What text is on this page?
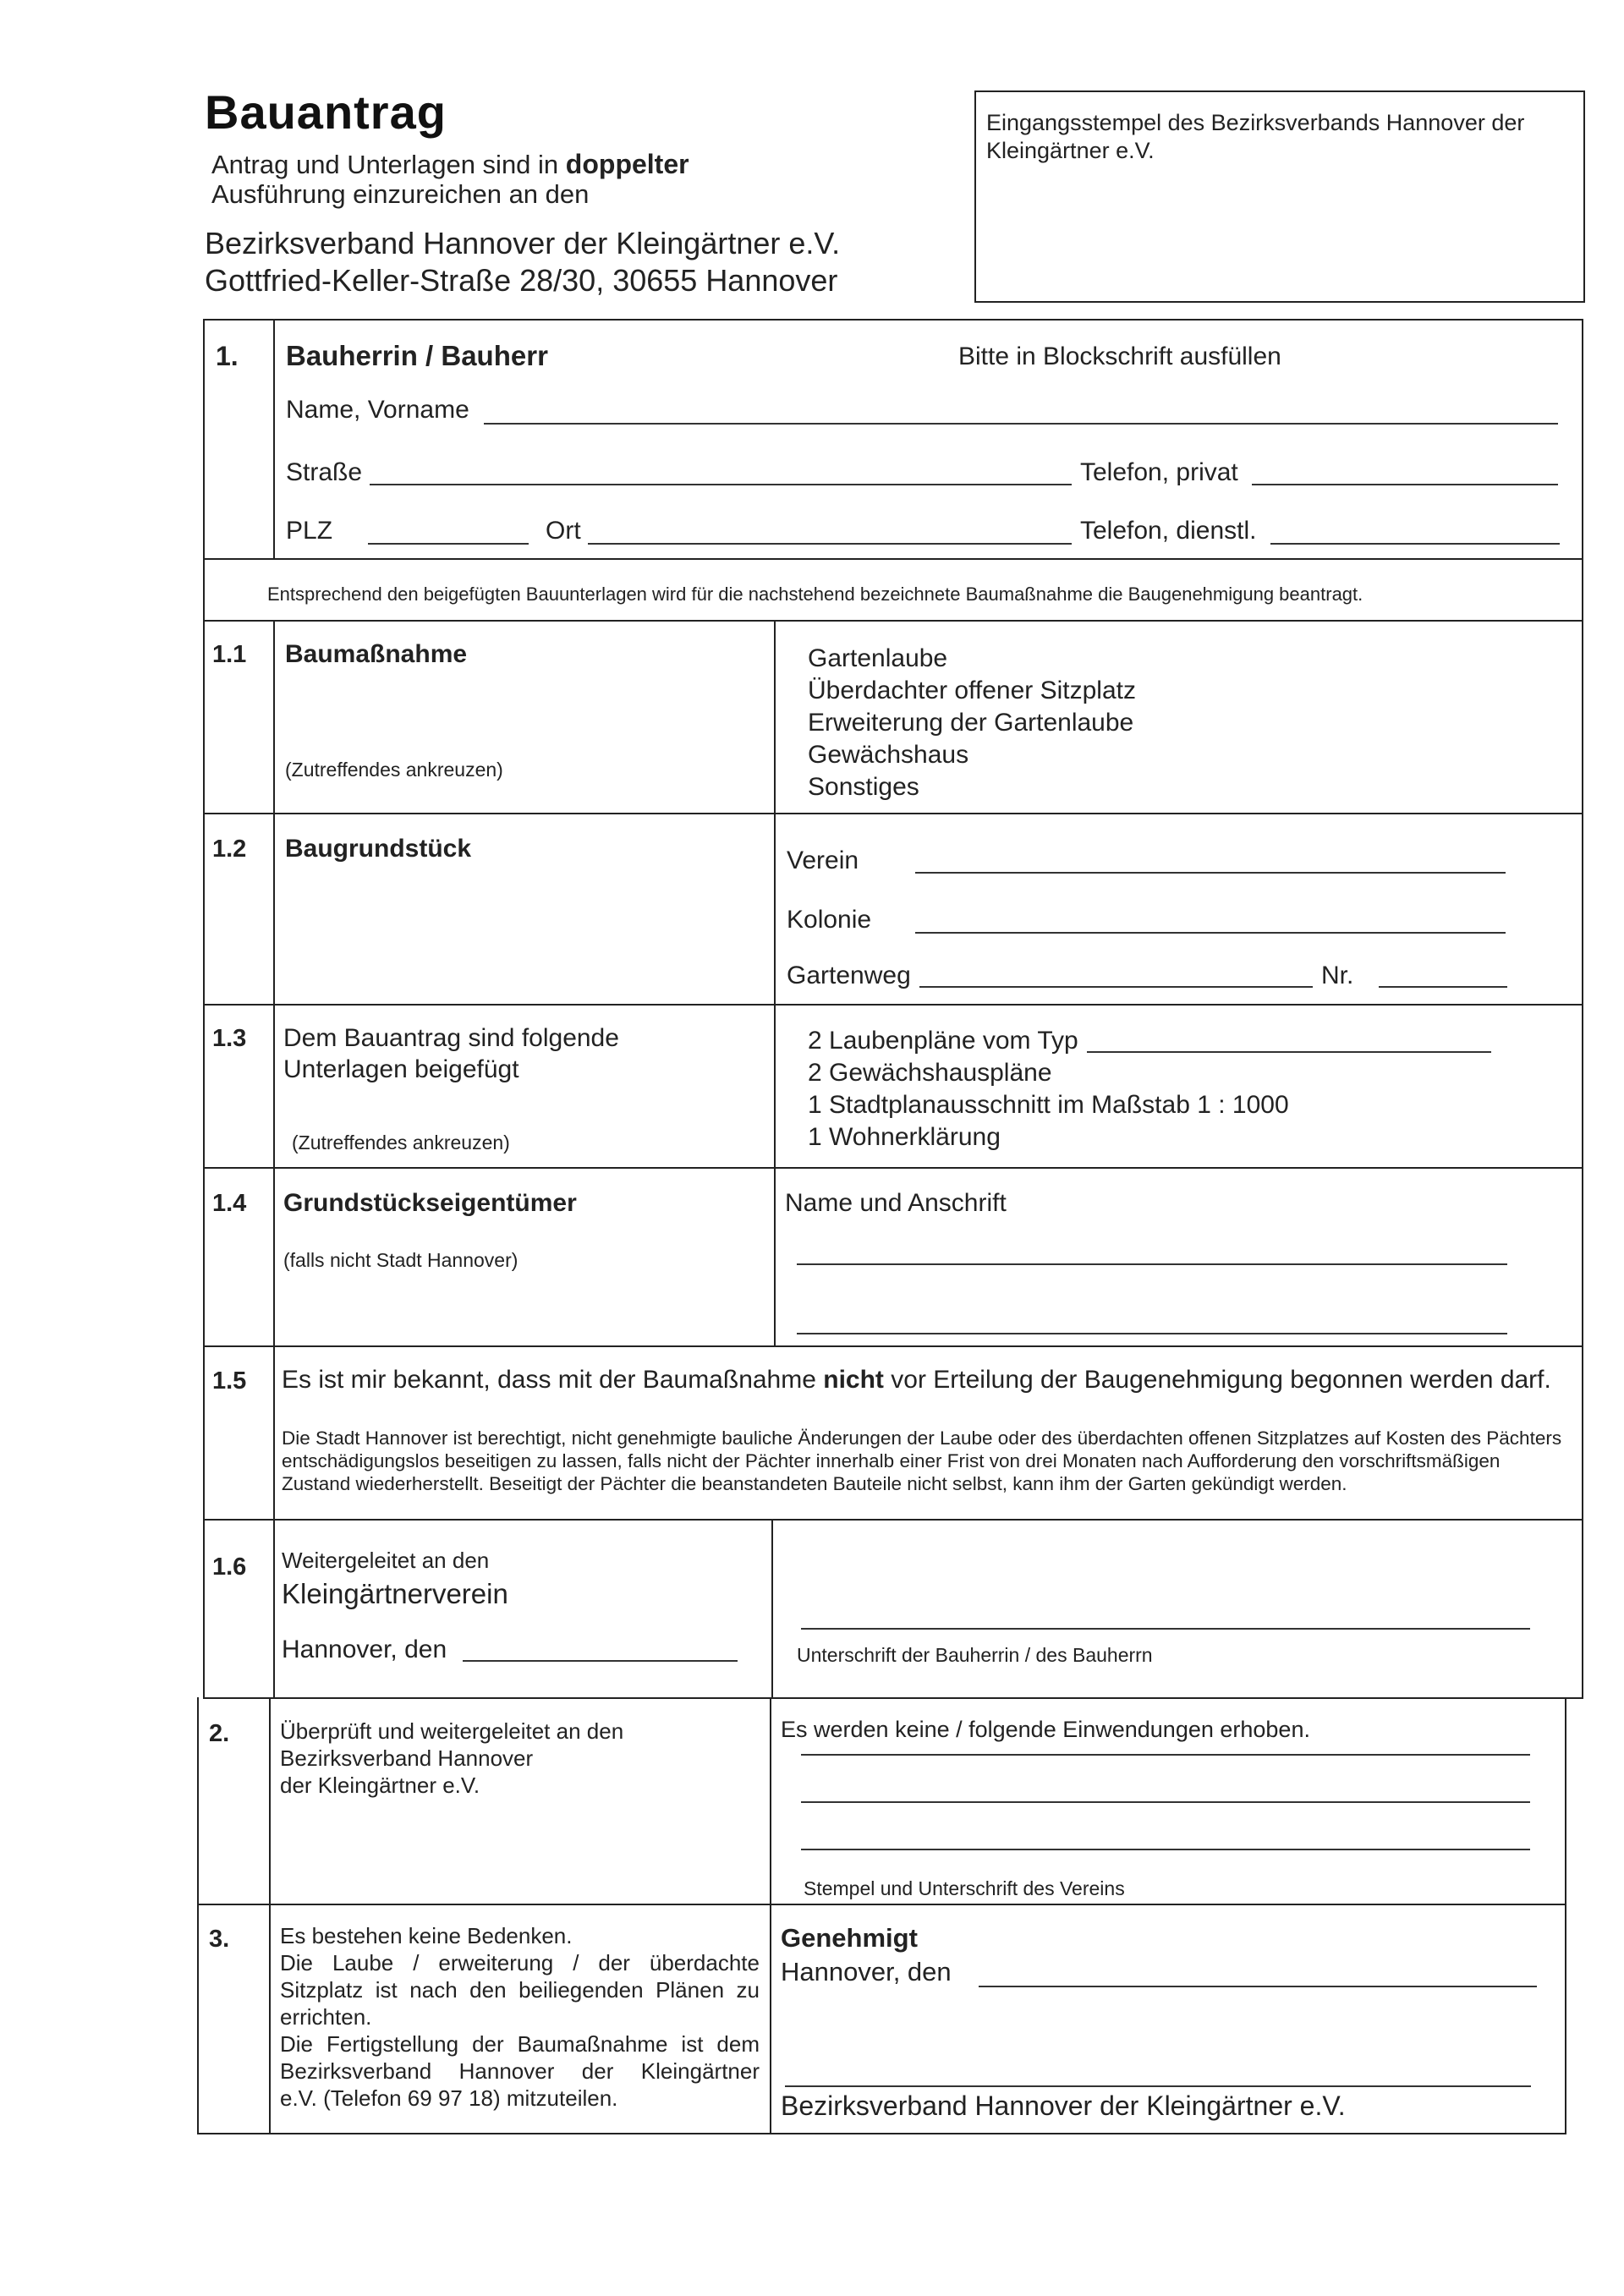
Bauantrag
Antrag und Unterlagen sind in doppelter
Ausführung einzureichen an den
Bezirksverband Hannover der Kleingärtner e.V.
Gottfried-Keller-Straße 28/30, 30655 Hannover
Eingangsstempel des Bezirksverbands Hannover der Kleingärtner e.V.
1. Bauherrin / Bauherr	Bitte in Blockschrift ausfüllen
Name, Vorname
Straße	Telefon, privat
PLZ	Ort	Telefon, dienstl.
Entsprechend den beigefügten Bauunterlagen wird für die nachstehend bezeichnete Baumaßnahme die Baugenehmigung beantragt.
1.1 Baumaßnahme
(Zutreffendes ankreuzen)
Gartenlaube
Überdachter offener Sitzplatz
Erweiterung der Gartenlaube
Gewächshaus
Sonstiges
1.2 Baugrundstück	Verein
Kolonie
Gartenweg	Nr.
1.3 Dem Bauantrag sind folgende
Unterlagen beigefügt
(Zutreffendes ankreuzen)
2 Laubenpläne vom Typ
2 Gewächshauspläne
1 Stadtplanausschnitt im Maßstab 1 : 1000
1 Wohnerklärung
1.4 Grundstückseigentümer
(falls nicht Stadt Hannover)
Name und Anschrift
1.5 Es ist mir bekannt, dass mit der Baumaßnahme nicht vor Erteilung der Baugenehmigung begonnen werden darf.
Die Stadt Hannover ist berechtigt, nicht genehmigte bauliche Änderungen der Laube oder des überdachten offenen Sitzplatzes auf Kosten des Pächters entschädigungslos beseitigen zu lassen, falls nicht der Pächter innerhalb einer Frist von drei Monaten nach Aufforderung den vorschriftsmäßigen Zustand wiederherstellt. Beseitigt der Pächter die beanstandeten Bauteile nicht selbst, kann ihm der Garten gekündigt werden.
1.6 Weitergeleitet an den
Kleingärtnerverein
Hannover, den	Unterschrift der Bauherrin / des Bauherrn
2. Überprüft und weitergeleitet an den
Bezirksverband Hannover
der Kleingärtner e.V.
Es werden keine / folgende Einwendungen erhoben.
Stempel und Unterschrift des Vereins
3. Es bestehen keine Bedenken.
Die Laube / erweiterung / der überdachte
Sitzplatz ist nach den beiliegenden Plänen zu
errichten.
Die Fertigstellung der Baumaßnahme ist dem
Bezirksverband Hannover der Kleingärtner
e.V. (Telefon 69 97 18) mitzuteilen.
Genehmigt
Hannover, den
Bezirksverband Hannover der Kleingärtner e.V.
